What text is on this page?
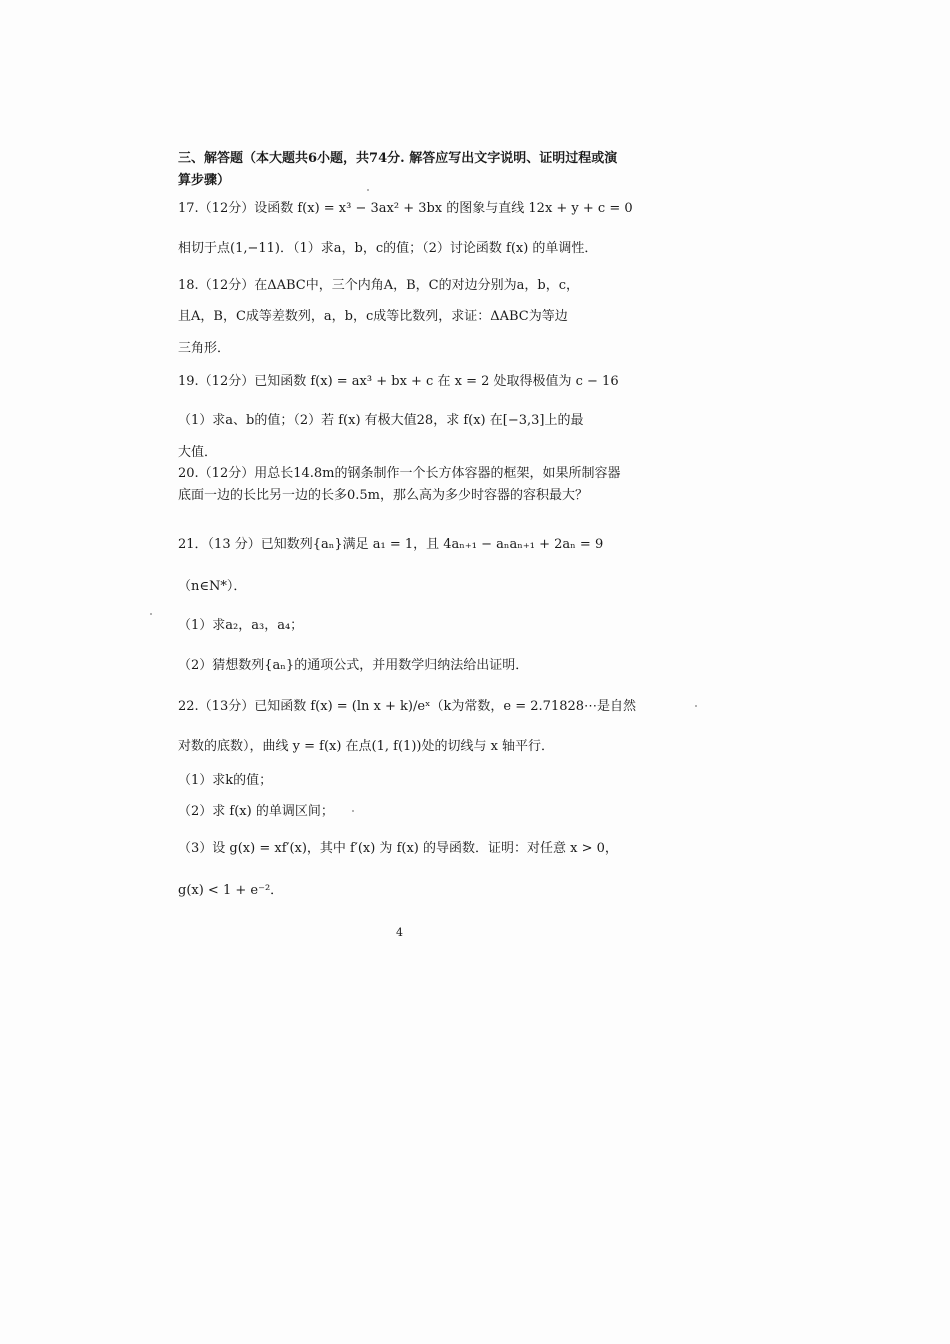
三、解答题（本大题共6小题，共74分. 解答应写出文字说明、证明过程或演算步骤）
17.（12分）设函数 f(x) = x³ − 3ax² + 3bx 的图象与直线 12x + y + c = 0
相切于点(1,−11)．（1）求a，b，c的值；（2）讨论函数 f(x) 的单调性．
18.（12分）在ΔABC中，三个内角A，B，C的对边分别为a，b，c，
且A，B，C成等差数列，a，b，c成等比数列，求证：ΔABC为等边
三角形．
19.（12分）已知函数 f(x) = ax³ + bx + c 在 x = 2 处取得极值为 c − 16
（1）求a、b的值；（2）若 f(x) 有极大值28，求 f(x) 在[−3,3]上的最
大值．
20.（12分）用总长14.8m的钢条制作一个长方体容器的框架，如果所制容器底面一边的长比另一边的长多0.5m，那么高为多少时容器的容积最大？
21．（13 分）已知数列{aₙ}满足 a₁ = 1，且 4aₙ₊₁ − aₙaₙ₊₁ + 2aₙ = 9
（n∈N*）．
（1）求a₂，a₃，a₄；
（2）猜想数列{aₙ}的通项公式，并用数学归纳法给出证明．
22.（13分）已知函数 f(x) = (ln x + k)/eˣ（k为常数，e = 2.71828⋯是自然
对数的底数），曲线 y = f(x) 在点(1, f(1))处的切线与 x 轴平行．
（1）求k的值；
（2）求 f(x) 的单调区间；
（3）设 g(x) = xf′(x)，其中 f′(x) 为 f(x) 的导函数．证明：对任意 x > 0，
g(x) < 1 + e⁻²．
4
